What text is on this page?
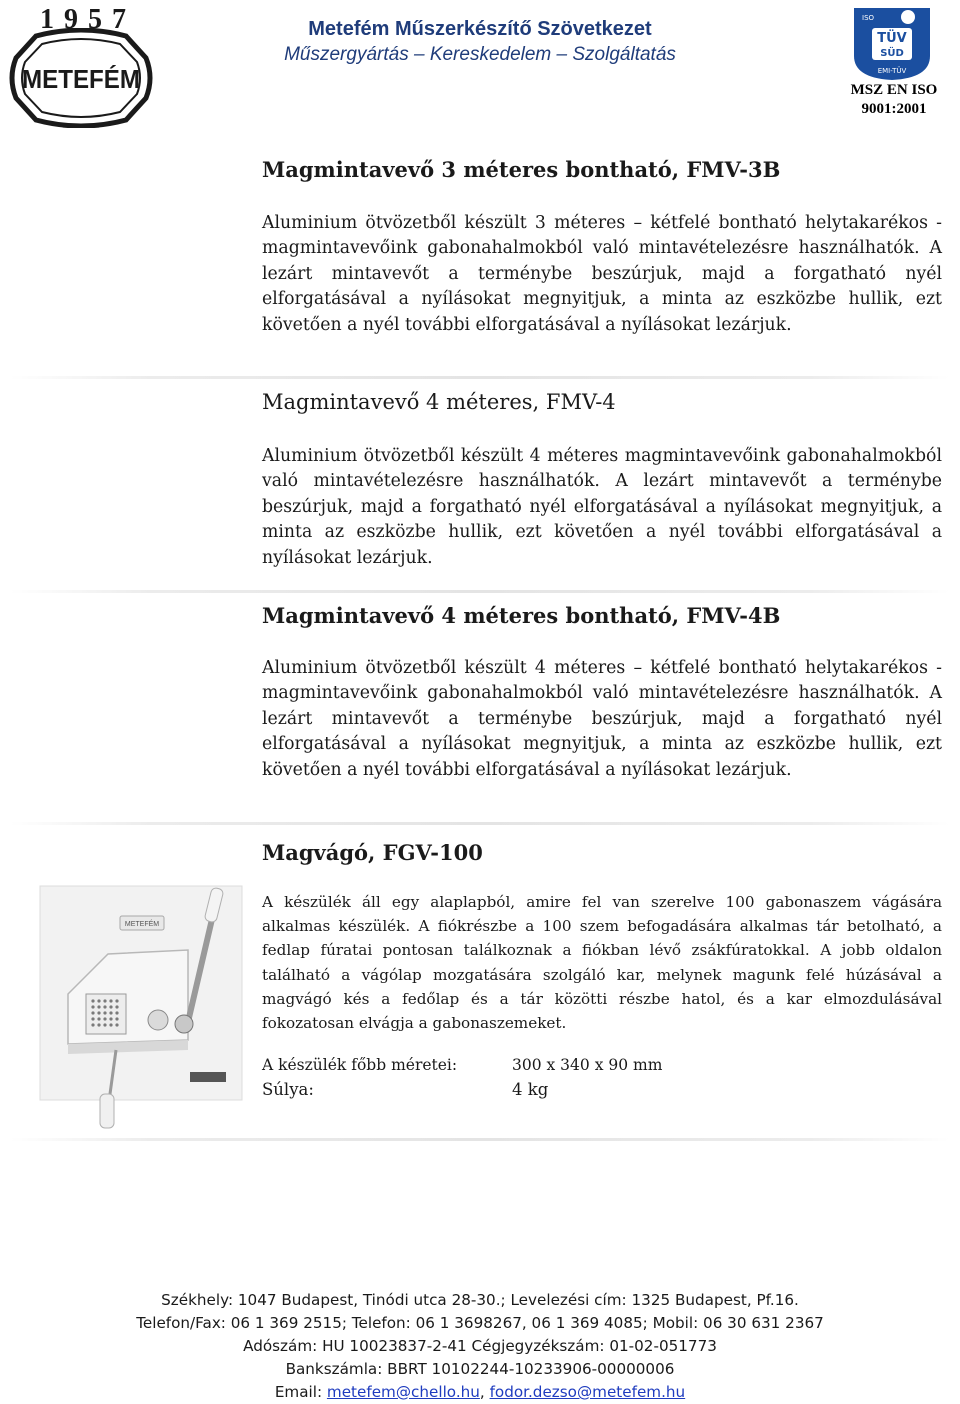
1957
METEFÉM
Metefém Műszerkészítő Szövetkezet
Műszergyártás – Kereskedelem – Szolgáltatás
ISO
TÜV
SÜD
EMI-TÜV
MSZ EN ISO
9001:2001
Magmintavevő 3 méteres bontható, FMV-3B
Aluminium ötvözetből készült 3 méteres – kétfelé bontható helytakarékos - magmintavevőink gabonahalmokból való mintavételezésre használhatók. A lezárt mintavevőt a terménybe beszúrjuk, majd a forgatható nyél elforgatásával a nyílásokat megnyitjuk, a minta az eszközbe hullik, ezt követően a nyél további elforgatásával a nyílásokat lezárjuk.
Magmintavevő 4 méteres, FMV-4
Aluminium ötvözetből készült 4 méteres magmintavevőink gabonahalmokból való mintavételezésre használhatók. A lezárt mintavevőt a terménybe beszúrjuk, majd a forgatható nyél elforgatásával a nyílásokat megnyitjuk, a minta az eszközbe hullik, ezt követően a nyél további elforgatásával a nyílásokat lezárjuk.
Magmintavevő 4 méteres bontható, FMV-4B
Aluminium ötvözetből készült 4 méteres – kétfelé bontható helytakarékos - magmintavevőink gabonahalmokból való mintavételezésre használhatók. A lezárt mintavevőt a terménybe beszúrjuk, majd a forgatható nyél elforgatásával a nyílásokat megnyitjuk, a minta az eszközbe hullik, ezt követően a nyél további elforgatásával a nyílásokat lezárjuk.
Magvágó, FGV-100
A készülék áll egy alaplapból, amire fel van szerelve 100 gabonaszem vágására alkalmas készülék. A fiókrészbe a 100 szem befogadására alkalmas tár betolható, a fedlap fúratai pontosan találkoznak a fiókban lévő zsákfúratokkal. A jobb oldalon található a vágólap mozgatására szolgáló kar, melynek magunk felé húzásával a magvágó kés a fedőlap és a tár közötti részbe hatol, és a kar elmozdulásával fokozatosan elvágja a gabonaszemeket.
METEFÉM
A készülék főbb méretei:	300 x 340 x 90 mm
Súlya:	4 kg
Székhely: 1047 Budapest, Tinódi utca 28-30.; Levelezési cím: 1325 Budapest, Pf.16.
Telefon/Fax: 06 1 369 2515; Telefon: 06 1 3698267, 06 1 369 4085; Mobil: 06 30 631 2367
Adószám: HU 10023837-2-41 Cégjegyzékszám: 01-02-051773
Bankszámla: BBRT 10102244-10233906-00000006
Email: metefem@chello.hu, fodor.dezso@metefem.hu
